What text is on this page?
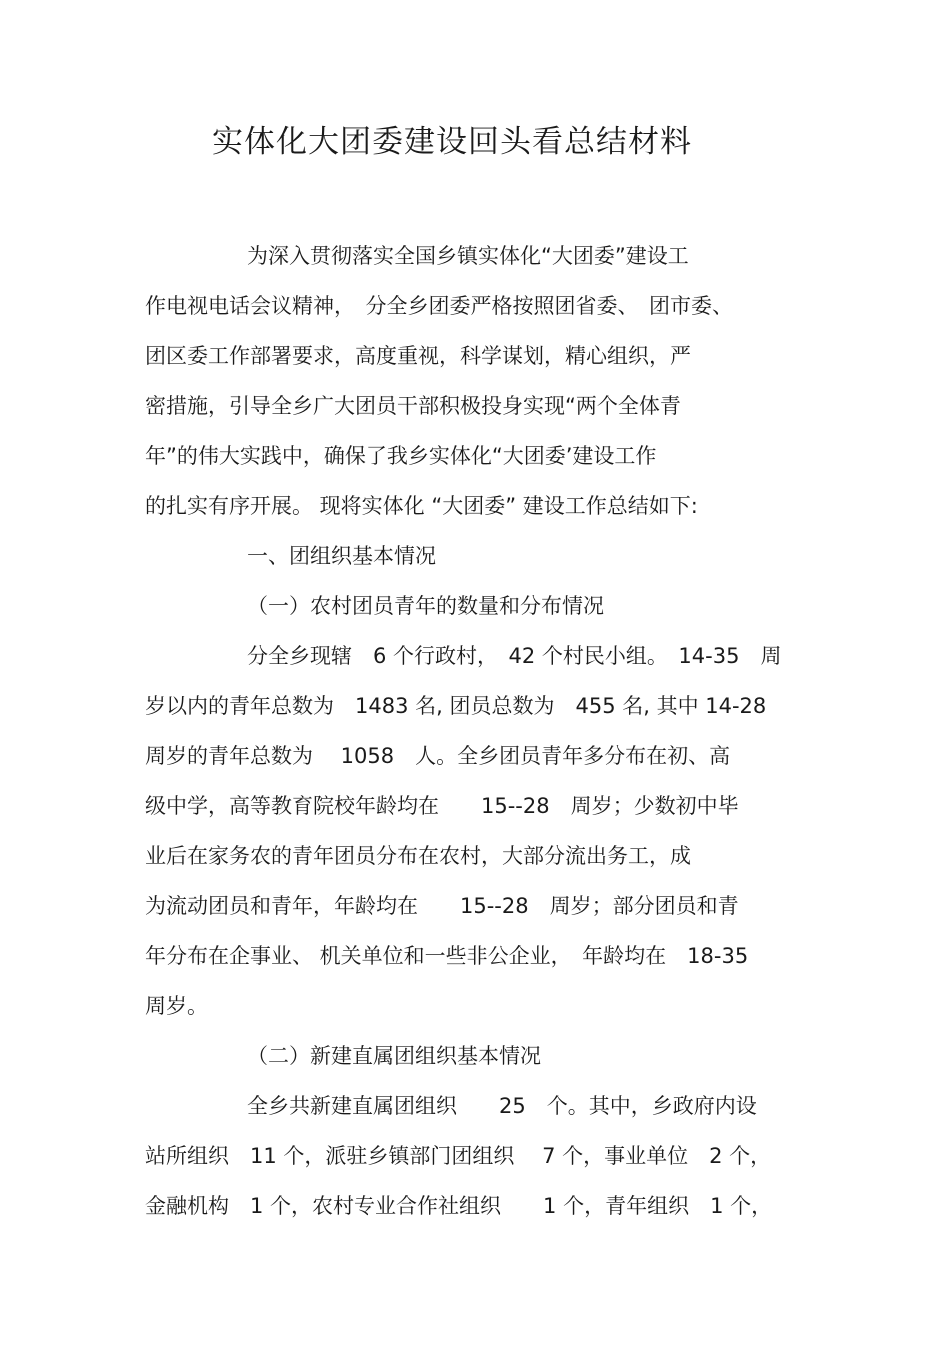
实体化大团委建设回头看总结材料
为深入贯彻落实全国乡镇实体化“大团委”建设工
作电视电话会议精神，　分全乡团委严格按照团省委、　团市委、
团区委工作部署要求，高度重视，科学谋划，精心组织，严
密措施，引导全乡广大团员干部积极投身实现“两个全体青
年”的伟大实践中，确保了我乡实体化“大团委’建设工作
的扎实有序开展。 现将实体化 “大团委” 建设工作总结如下:
一、团组织基本情况
（一）农村团员青年的数量和分布情况
分全乡现辖　6 个行政村，　42 个村民小组。　14-35　周
岁以内的青年总数为　1483 名, 团员总数为　455 名, 其中 14-28
周岁的青年总数为　 1058　人。全乡团员青年多分布在初、高
级中学，高等教育院校年龄均在　　15--28　周岁；少数初中毕
业后在家务农的青年团员分布在农村，大部分流出务工，成
为流动团员和青年，年龄均在　　15--28　周岁；部分团员和青
年分布在企事业、 机关单位和一些非公企业，　年龄均在　18-35
周岁。
（二）新建直属团组织基本情况
全乡共新建直属团组织　　25　个。其中，乡政府内设
站所组织　11 个，派驻乡镇部门团组织　 7 个，事业单位　2 个，
金融机构　1 个，农村专业合作社组织　　1 个，青年组织　1 个，
